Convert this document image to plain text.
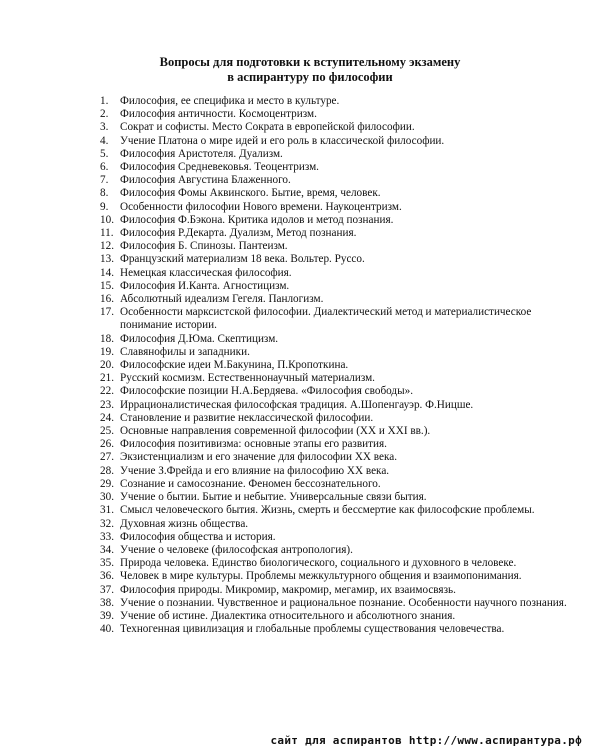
Вопросы для подготовки к вступительному экзамену
в аспирантуру по философии
1.	Философия, ее специфика и место в культуре.
2.	Философия античности. Космоцентризм.
3.	Сократ и софисты. Место Сократа в европейской философии.
4.	Учение Платона о мире идей и его роль в классической философии.
5.	Философия Аристотеля. Дуализм.
6.	Философия Средневековья. Теоцентризм.
7.	Философия Августина Блаженного.
8.	Философия Фомы Аквинского. Бытие, время, человек.
9.	Особенности философии Нового времени. Наукоцентризм.
10. Философия Ф.Бэкона. Критика идолов и метод познания.
11. Философия Р.Декарта. Дуализм, Метод познания.
12. Философия Б. Спинозы. Пантеизм.
13. Французский материализм 18 века. Вольтер. Руссо.
14. Немецкая классическая философия.
15. Философия И.Канта. Агностицизм.
16. Абсолютный идеализм Гегеля. Панлогизм.
17. Особенности марксистской философии. Диалектический метод и материалистическое понимание истории.
18. Философия Д.Юма. Скептицизм.
19. Славянофилы и западники.
20. Философские идеи М.Бакунина, П.Кропоткина.
21. Русский космизм. Естественнонаучный материализм.
22. Философские позиции Н.А.Бердяева. «Философия свободы».
23. Иррационалистическая философская традиция. А.Шопенгауэр. Ф.Ницше.
24. Становление и развитие неклассической философии.
25. Основные направления современной философии (XX и XXI вв.).
26. Философия позитивизма: основные этапы его развития.
27. Экзистенциализм и его значение для философии XX века.
28. Учение З.Фрейда и его влияние на философию XX века.
29. Сознание и самосознание. Феномен бессознательного.
30. Учение о бытии. Бытие и небытие. Универсальные связи бытия.
31. Смысл человеческого бытия. Жизнь, смерть и бессмертие как философские проблемы.
32. Духовная жизнь общества.
33. Философия общества и история.
34. Учение о человеке (философская антропология).
35. Природа человека. Единство биологического, социального и духовного в человеке.
36. Человек в мире культуры. Проблемы межкультурного общения и взаимопонимания.
37. Философия природы. Микромир, макромир, мегамир, их взаимосвязь.
38. Учение о познании. Чувственное и рациональное познание. Особенности научного познания.
39. Учение об истине. Диалектика относительного и абсолютного знания.
40. Техногенная цивилизация и глобальные проблемы существования человечества.
сайт для аспирантов http://www.аспирантура.рф
